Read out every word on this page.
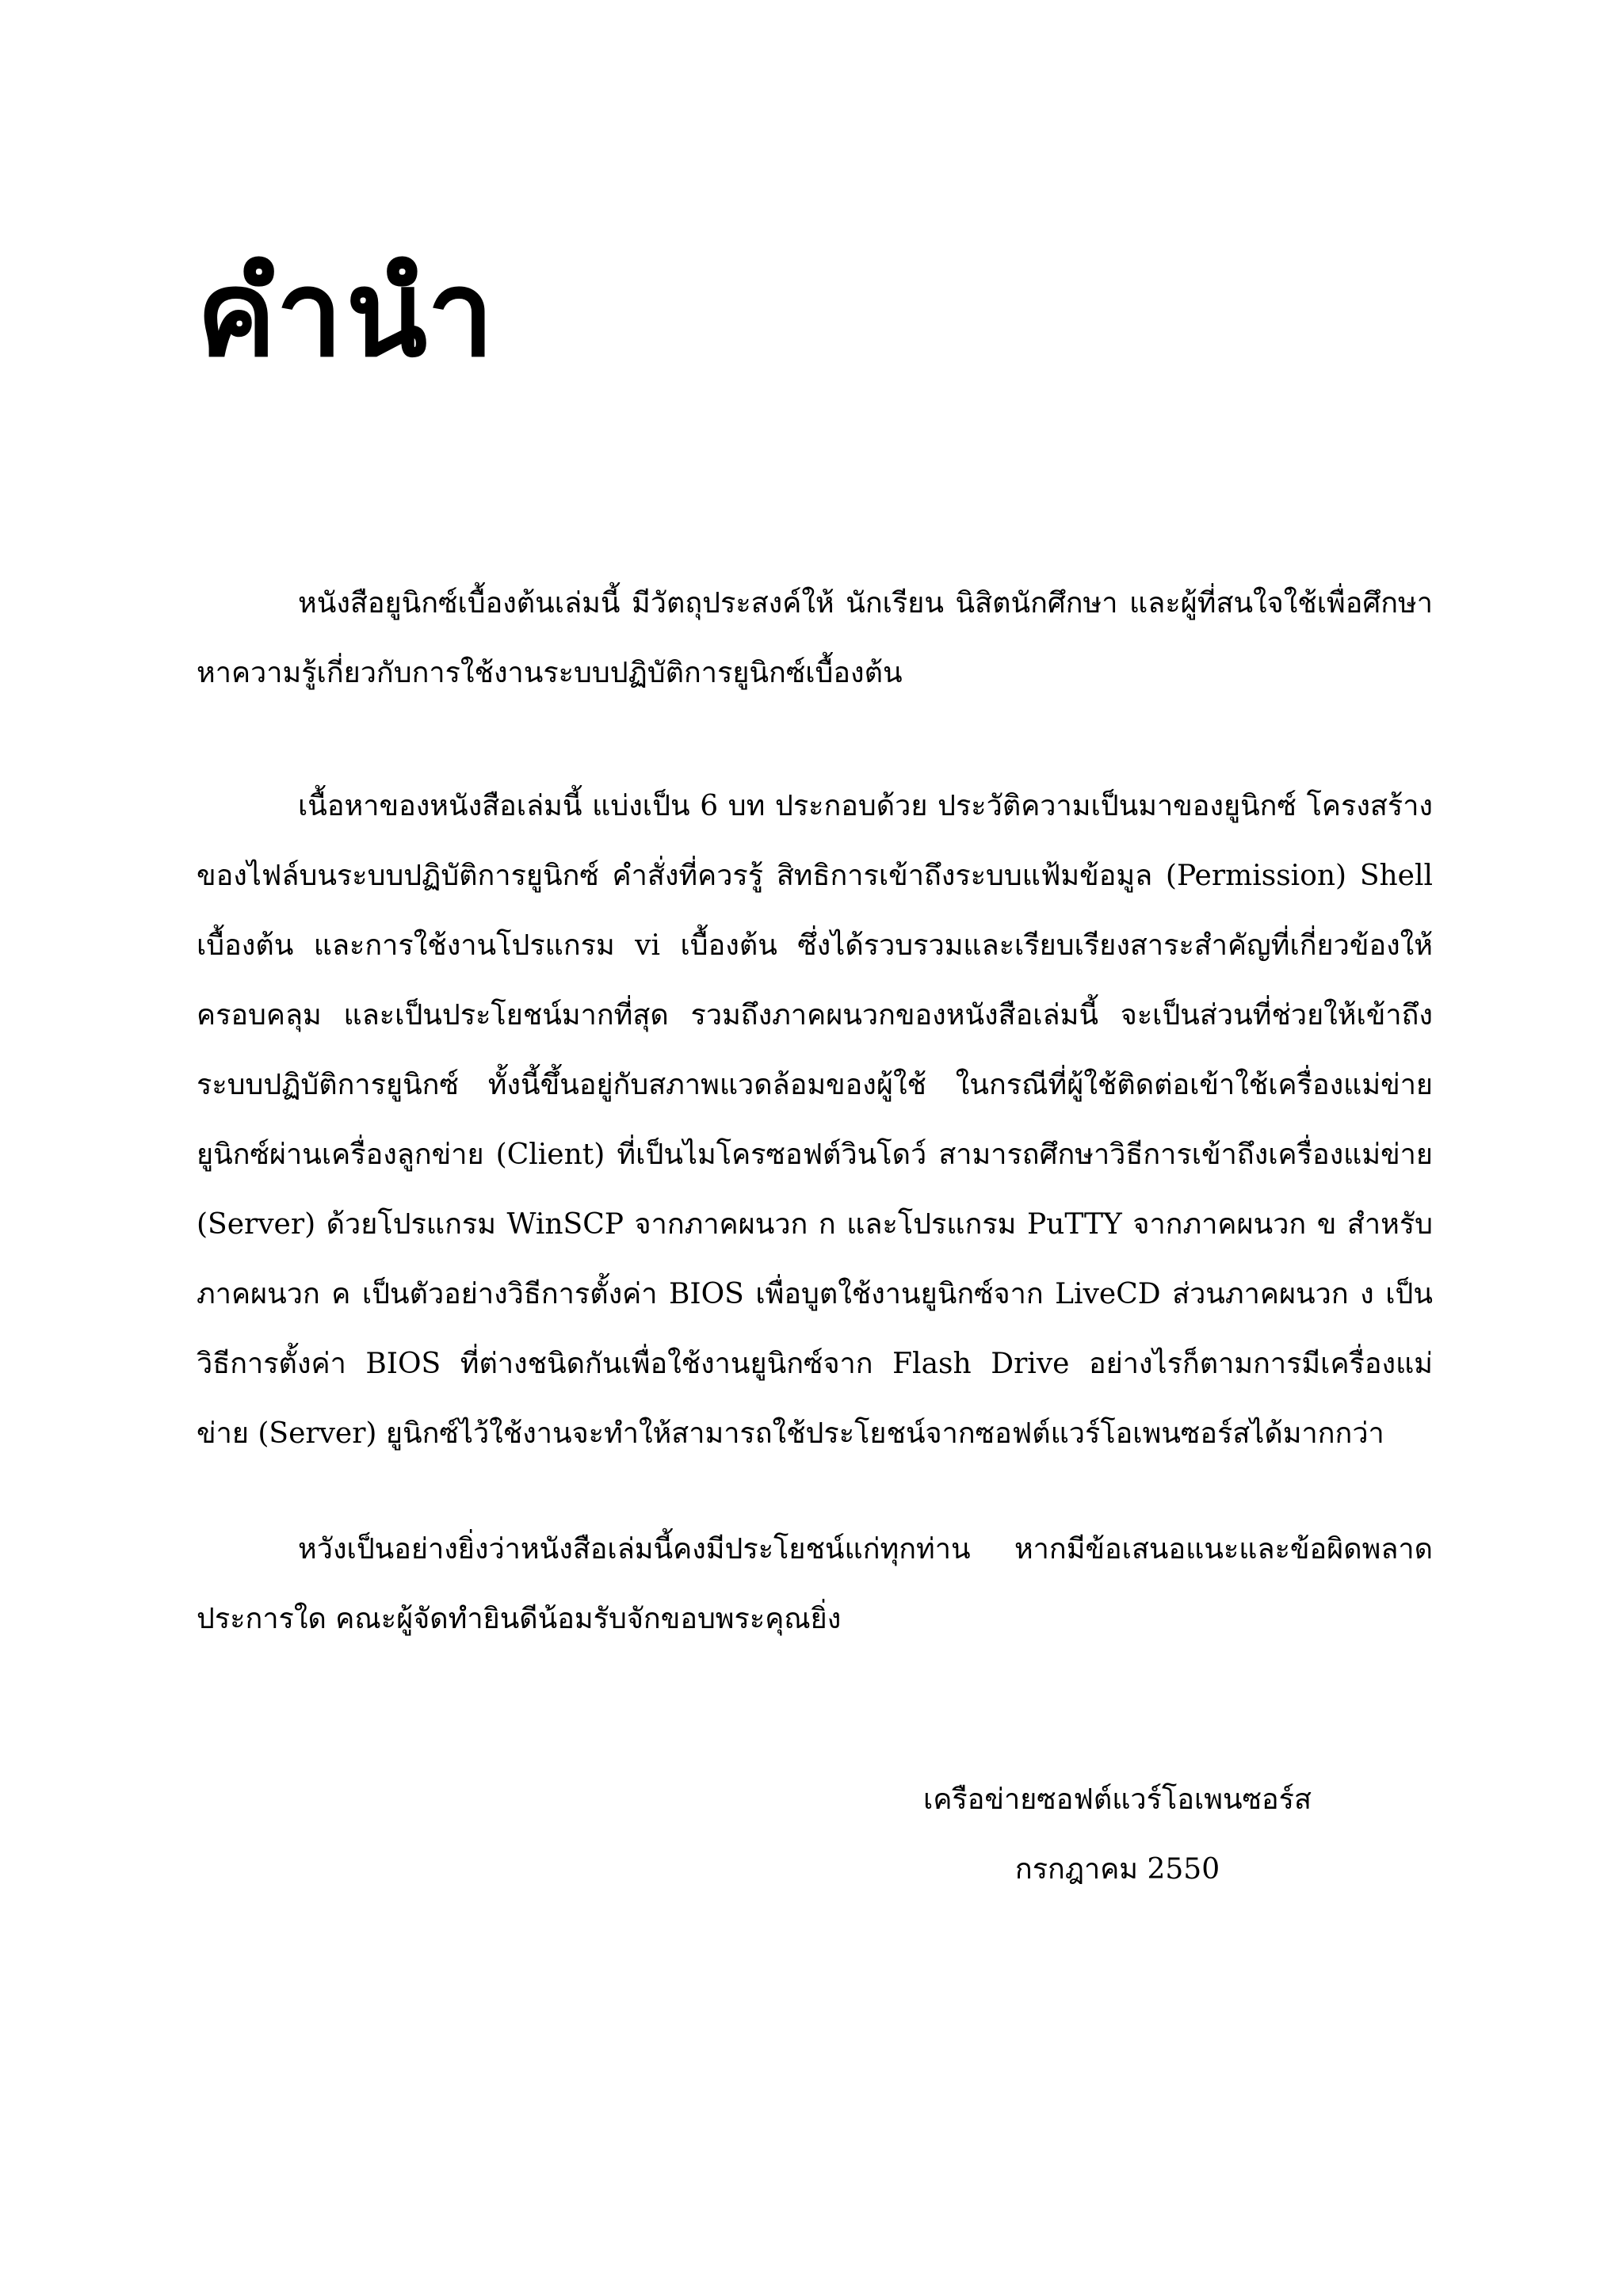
คำนำ

หนังสือยูนิกซ์เบื้องต้นเล่มนี้ มีวัตถุประสงค์ให้ นักเรียน นิสิตนักศึกษา และผู้ที่สนใจใช้เพื่อศึกษาหาความรู้เกี่ยวกับการใช้งานระบบปฏิบัติการยูนิกซ์เบื้องต้น

เนื้อหาของหนังสือเล่มนี้ แบ่งเป็น 6 บท ประกอบด้วย ประวัติความเป็นมาของยูนิกซ์ โครงสร้างของไฟล์บนระบบปฏิบัติการยูนิกซ์ คำสั่งที่ควรรู้ สิทธิการเข้าถึงระบบแฟ้มข้อมูล (Permission) Shell เบื้องต้น และการใช้งานโปรแกรม vi เบื้องต้น ซึ่งได้รวบรวมและเรียบเรียงสาระสำคัญที่เกี่ยวข้องให้ครอบคลุม และเป็นประโยชน์มากที่สุด รวมถึงภาคผนวกของหนังสือเล่มนี้ จะเป็นส่วนที่ช่วยให้เข้าถึงระบบปฏิบัติการยูนิกซ์ ทั้งนี้ขึ้นอยู่กับสภาพแวดล้อมของผู้ใช้ ในกรณีที่ผู้ใช้ติดต่อเข้าใช้เครื่องแม่ข่ายยูนิกซ์ผ่านเครื่องลูกข่าย (Client) ที่เป็นไมโครซอฟต์วินโดว์ สามารถศึกษาวิธีการเข้าถึงเครื่องแม่ข่าย (Server) ด้วยโปรแกรม WinSCP จากภาคผนวก ก และโปรแกรม PuTTY จากภาคผนวก ข สำหรับภาคผนวก ค เป็นตัวอย่างวิธีการตั้งค่า BIOS เพื่อบูตใช้งานยูนิกซ์จาก LiveCD ส่วนภาคผนวก ง เป็นวิธีการตั้งค่า BIOS ที่ต่างชนิดกันเพื่อใช้งานยูนิกซ์จาก Flash Drive อย่างไรก็ตามการมีเครื่องแม่ข่าย (Server) ยูนิกซ์ไว้ใช้งานจะทำให้สามารถใช้ประโยชน์จากซอฟต์แวร์โอเพนซอร์สได้มากกว่า

หวังเป็นอย่างยิ่งว่าหนังสือเล่มนี้คงมีประโยชน์แก่ทุกท่าน หากมีข้อเสนอแนะและข้อผิดพลาดประการใด คณะผู้จัดทำยินดีน้อมรับจักขอบพระคุณยิ่ง

เครือข่ายซอฟต์แวร์โอเพนซอร์ส

กรกฎาคม 2550
